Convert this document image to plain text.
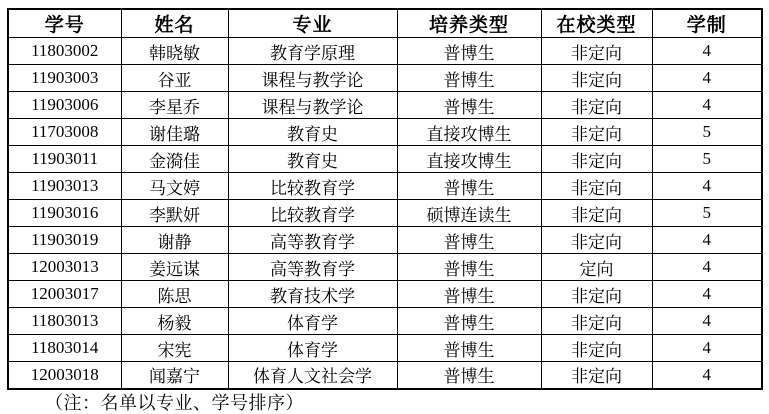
学号	姓名	专业	培养类型	在校类型	学制
11803002	韩晓敏	教育学原理	普博生	非定向	4
11903003	谷亚	课程与教学论	普博生	非定向	4
11903006	李星乔	课程与教学论	普博生	非定向	4
11703008	谢佳璐	教育史	直接攻博生	非定向	5
11903011	金漪佳	教育史	直接攻博生	非定向	5
11903013	马文婷	比较教育学	普博生	非定向	4
11903016	李默妍	比较教育学	硕博连读生	非定向	5
11903019	谢静	高等教育学	普博生	非定向	4
12003013	姜远谋	高等教育学	普博生	定向	4
12003017	陈思	教育技术学	普博生	非定向	4
11803013	杨毅	体育学	普博生	非定向	4
11803014	宋宪	体育学	普博生	非定向	4
12003018	闻嘉宁	体育人文社会学	普博生	非定向	4
（注：名单以专业、学号排序）
